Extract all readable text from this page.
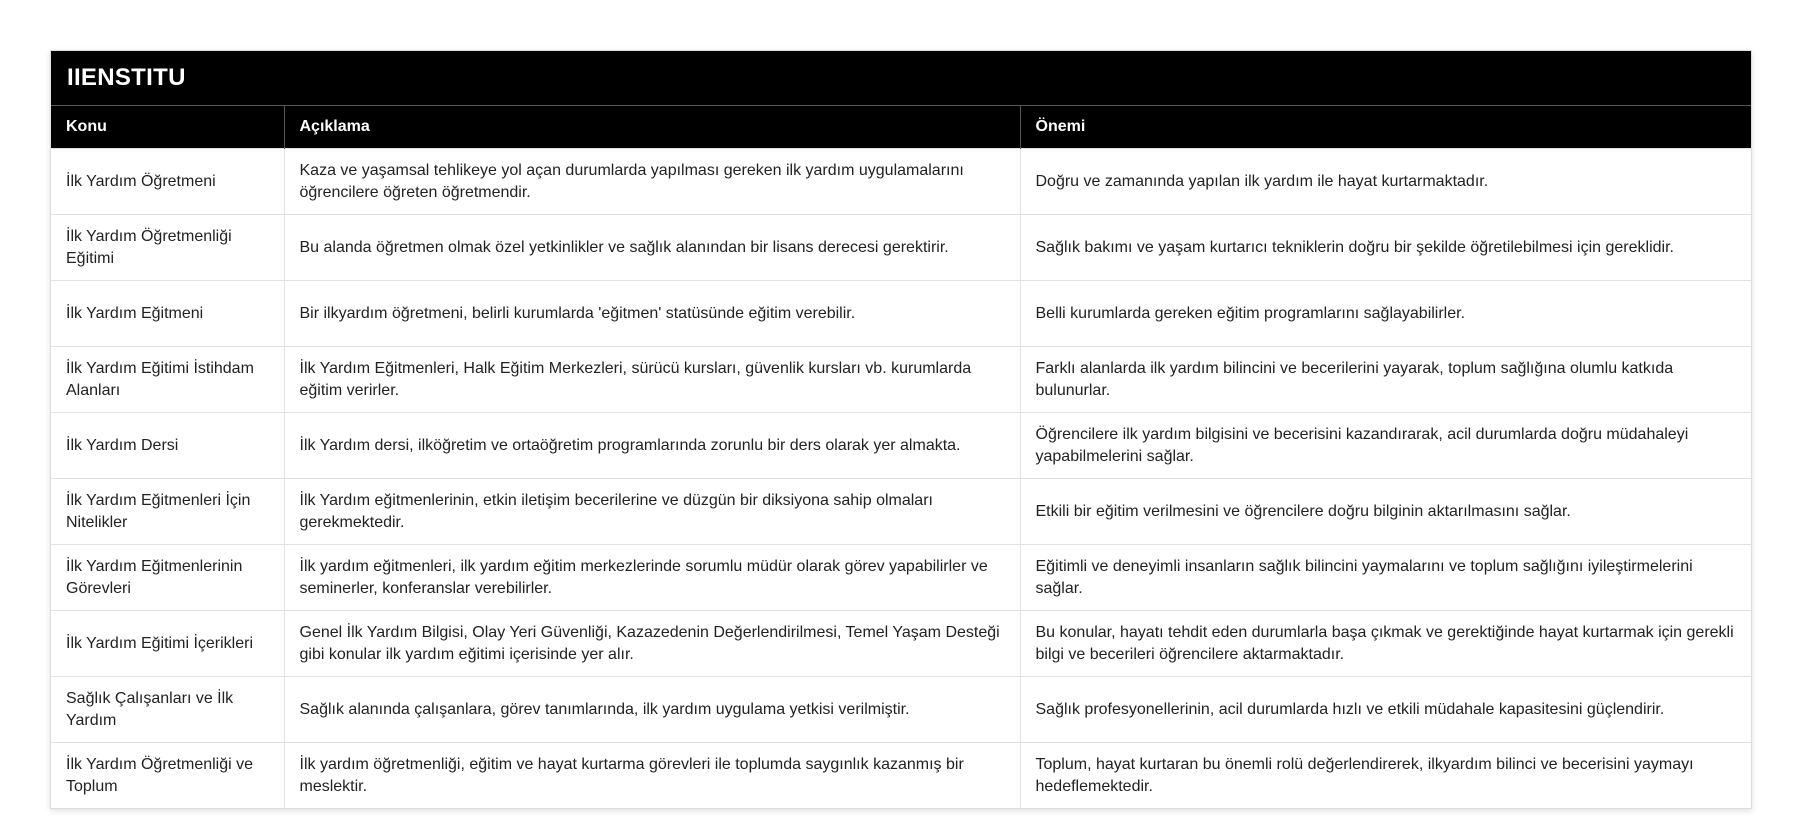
IIENSTITU
Konu	Açıklama	Önemi
İlk Yardım Öğretmeni	Kaza ve yaşamsal tehlikeye yol açan durumlarda yapılması gereken ilk yardım uygulamalarını öğrencilere öğreten öğretmendir.	Doğru ve zamanında yapılan ilk yardım ile hayat kurtarmaktadır.
İlk Yardım Öğretmenliği Eğitimi	Bu alanda öğretmen olmak özel yetkinlikler ve sağlık alanından bir lisans derecesi gerektirir.	Sağlık bakımı ve yaşam kurtarıcı tekniklerin doğru bir şekilde öğretilebilmesi için gereklidir.
İlk Yardım Eğitmeni	Bir ilkyardım öğretmeni, belirli kurumlarda 'eğitmen' statüsünde eğitim verebilir.	Belli kurumlarda gereken eğitim programlarını sağlayabilirler.
İlk Yardım Eğitimi İstihdam Alanları	İlk Yardım Eğitmenleri, Halk Eğitim Merkezleri, sürücü kursları, güvenlik kursları vb. kurumlarda eğitim verirler.	Farklı alanlarda ilk yardım bilincini ve becerilerini yayarak, toplum sağlığına olumlu katkıda bulunurlar.
İlk Yardım Dersi	İlk Yardım dersi, ilköğretim ve ortaöğretim programlarında zorunlu bir ders olarak yer almakta.	Öğrencilere ilk yardım bilgisini ve becerisini kazandırarak, acil durumlarda doğru müdahaleyi yapabilmelerini sağlar.
İlk Yardım Eğitmenleri İçin Nitelikler	İlk Yardım eğitmenlerinin, etkin iletişim becerilerine ve düzgün bir diksiyona sahip olmaları gerekmektedir.	Etkili bir eğitim verilmesini ve öğrencilere doğru bilginin aktarılmasını sağlar.
İlk Yardım Eğitmenlerinin Görevleri	İlk yardım eğitmenleri, ilk yardım eğitim merkezlerinde sorumlu müdür olarak görev yapabilirler ve seminerler, konferanslar verebilirler.	Eğitimli ve deneyimli insanların sağlık bilincini yaymalarını ve toplum sağlığını iyileştirmelerini sağlar.
İlk Yardım Eğitimi İçerikleri	Genel İlk Yardım Bilgisi, Olay Yeri Güvenliği, Kazazedenin Değerlendirilmesi, Temel Yaşam Desteği gibi konular ilk yardım eğitimi içerisinde yer alır.	Bu konular, hayatı tehdit eden durumlarla başa çıkmak ve gerektiğinde hayat kurtarmak için gerekli bilgi ve becerileri öğrencilere aktarmaktadır.
Sağlık Çalışanları ve İlk Yardım	Sağlık alanında çalışanlara, görev tanımlarında, ilk yardım uygulama yetkisi verilmiştir.	Sağlık profesyonellerinin, acil durumlarda hızlı ve etkili müdahale kapasitesini güçlendirir.
İlk Yardım Öğretmenliği ve Toplum	İlk yardım öğretmenliği, eğitim ve hayat kurtarma görevleri ile toplumda saygınlık kazanmış bir meslektir.	Toplum, hayat kurtaran bu önemli rolü değerlendirerek, ilkyardım bilinci ve becerisini yaymayı hedeflemektedir.
